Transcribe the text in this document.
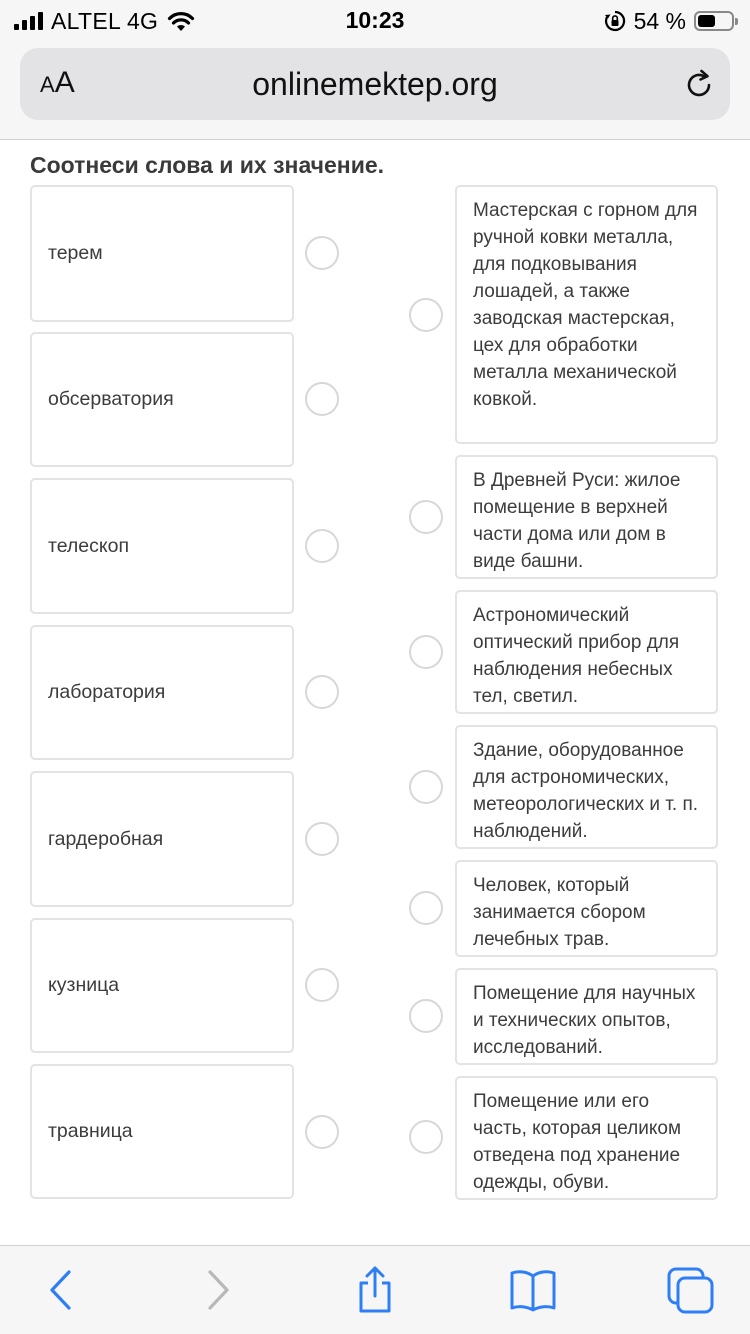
ALTEL 4G	10:23	54 %
AA	onlinemektep.org
Соотнеси слова и их значение.
терем
обсерватория
телескоп
лаборатория
гардеробная
кузница
травница
Мастерская с горном для ручной ковки металла, для подковывания лошадей, а также заводская мастерская, цех для обработки металла механической ковкой.
В Древней Руси: жилое помещение в верхней части дома или дом в виде башни.
Астрономический оптический прибор для наблюдения небесных тел, светил.
Здание, оборудованное для астрономических, метеорологических и т. п. наблюдений.
Человек, который занимается сбором лечебных трав.
Помещение для научных и технических опытов, исследований.
Помещение или его часть, которая целиком отведена под хранение одежды, обуви.
